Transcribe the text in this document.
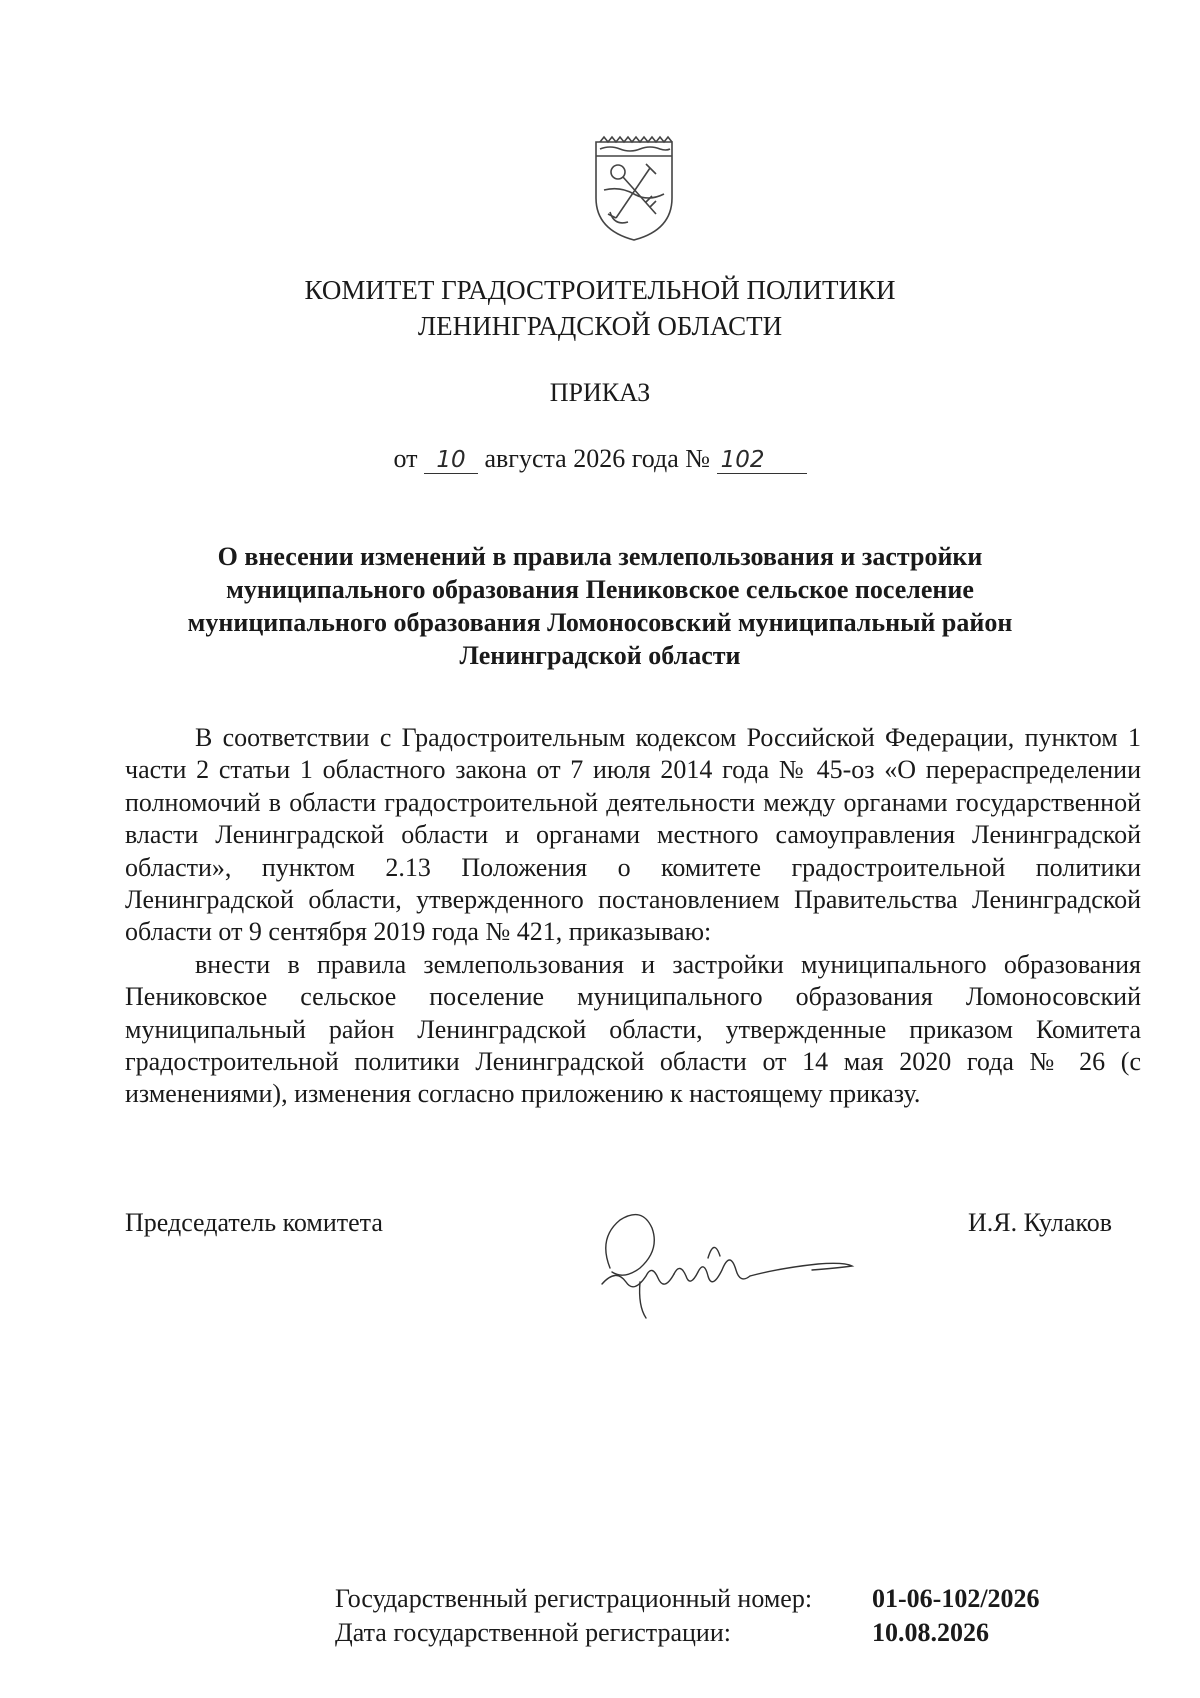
КОМИТЕТ ГРАДОСТРОИТЕЛЬНОЙ ПОЛИТИКИ
ЛЕНИНГРАДСКОЙ ОБЛАСТИ
ПРИКАЗ
от 10 августа 2026 года № 102
О внесении изменений в правила землепользования и застройки
муниципального образования Пениковское сельское поселение
муниципального образования Ломоносовский муниципальный район
Ленинградской области

В соответствии с Градостроительным кодексом Российской Федерации, пунктом 1 части 2 статьи 1 областного закона от 7 июля 2014 года № 45-оз «О перераспределении полномочий в области градостроительной деятельности между органами государственной власти Ленинградской области и органами местного самоуправления Ленинградской области», пунктом 2.13 Положения о комитете градостроительной политики Ленинградской области, утвержденного постановлением Правительства Ленинградской области от 9 сентября 2019 года № 421, приказываю:

внести в правила землепользования и застройки муниципального образования Пениковское сельское поселение муниципального образования Ломоносовский муниципальный район Ленинградской области, утвержденные приказом Комитета градостроительной политики Ленинградской области от 14 мая 2020 года № 26 (с изменениями), изменения согласно приложению к настоящему приказу.

Председатель комитета	И.Я. Кулаков
Государственный регистрационный номер: 01-06-102/2026
Дата государственной регистрации:	10.08.2026
